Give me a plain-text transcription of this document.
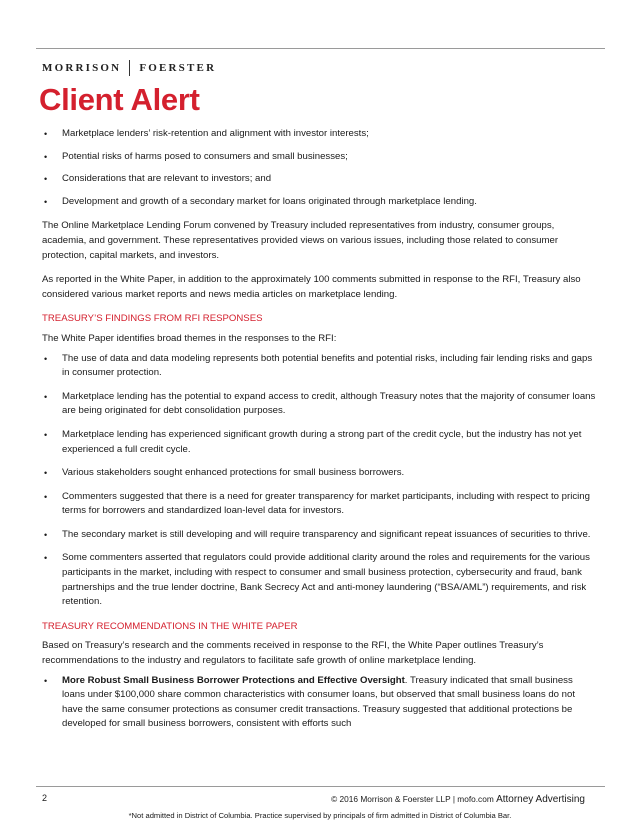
MORRISON FOERSTER
Client Alert
• Marketplace lenders’ risk-retention and alignment with investor interests;
• Potential risks of harms posed to consumers and small businesses;
• Considerations that are relevant to investors; and
• Development and growth of a secondary market for loans originated through marketplace lending.

The Online Marketplace Lending Forum convened by Treasury included representatives from industry, consumer groups, academia, and government. These representatives provided views on various issues, including those related to consumer protection, capital markets, and investors.

As reported in the White Paper, in addition to the approximately 100 comments submitted in response to the RFI, Treasury also considered various market reports and news media articles on marketplace lending.

TREASURY’S FINDINGS FROM RFI RESPONSES

The White Paper identifies broad themes in the responses to the RFI:

• The use of data and data modeling represents both potential benefits and potential risks, including fair lending risks and gaps in consumer protection.
• Marketplace lending has the potential to expand access to credit, although Treasury notes that the majority of consumer loans are being originated for debt consolidation purposes.
• Marketplace lending has experienced significant growth during a strong part of the credit cycle, but the industry has not yet experienced a full credit cycle.
• Various stakeholders sought enhanced protections for small business borrowers.
• Commenters suggested that there is a need for greater transparency for market participants, including with respect to pricing terms for borrowers and standardized loan-level data for investors.
• The secondary market is still developing and will require transparency and significant repeat issuances of securities to thrive.
• Some commenters asserted that regulators could provide additional clarity around the roles and requirements for the various participants in the market, including with respect to consumer and small business protection, cybersecurity and fraud, bank partnerships and the true lender doctrine, Bank Secrecy Act and anti-money laundering (“BSA/AML”) requirements, and risk retention.

TREASURY RECOMMENDATIONS IN THE WHITE PAPER

Based on Treasury’s research and the comments received in response to the RFI, the White Paper outlines Treasury’s recommendations to the industry and regulators to facilitate safe growth of online marketplace lending.

• More Robust Small Business Borrower Protections and Effective Oversight. Treasury indicated that small business loans under $100,000 share common characteristics with consumer loans, but observed that small business loans do not have the same consumer protections as consumer credit transactions. Treasury suggested that additional protections be developed for small business borrowers, consistent with efforts such
2	© 2016 Morrison & Foerster LLP | mofo.com Attorney Advertising
*Not admitted in District of Columbia. Practice supervised by principals of firm admitted in District of Columbia Bar.
